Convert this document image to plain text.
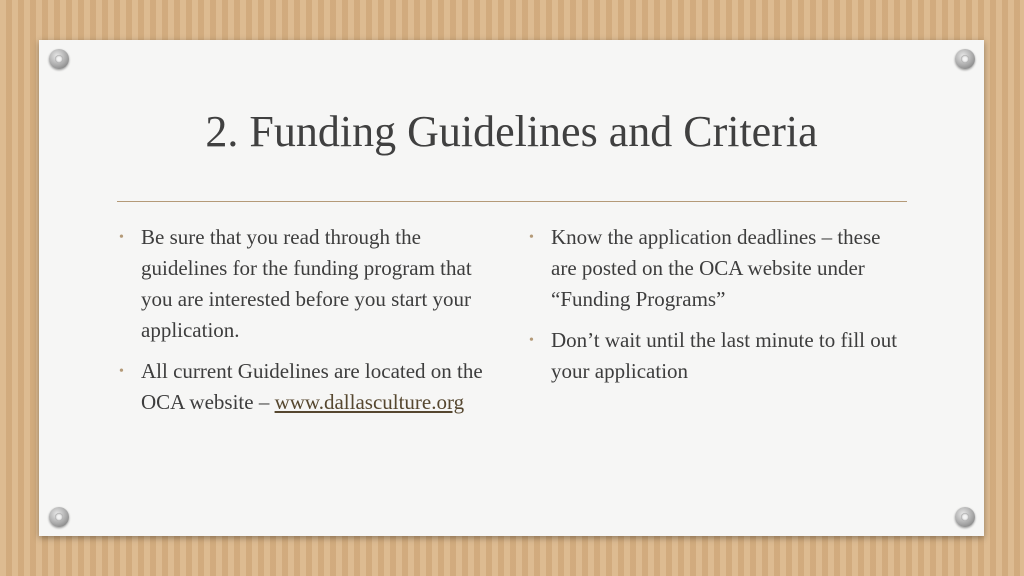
2. Funding Guidelines and Criteria
• Be sure that you read through the guidelines for the funding program that you are interested before you start your application.
• All current Guidelines are located on the OCA website – www.dallasculture.org
• Know the application deadlines – these are posted on the OCA website under “Funding Programs”
• Don’t wait until the last minute to fill out your application
